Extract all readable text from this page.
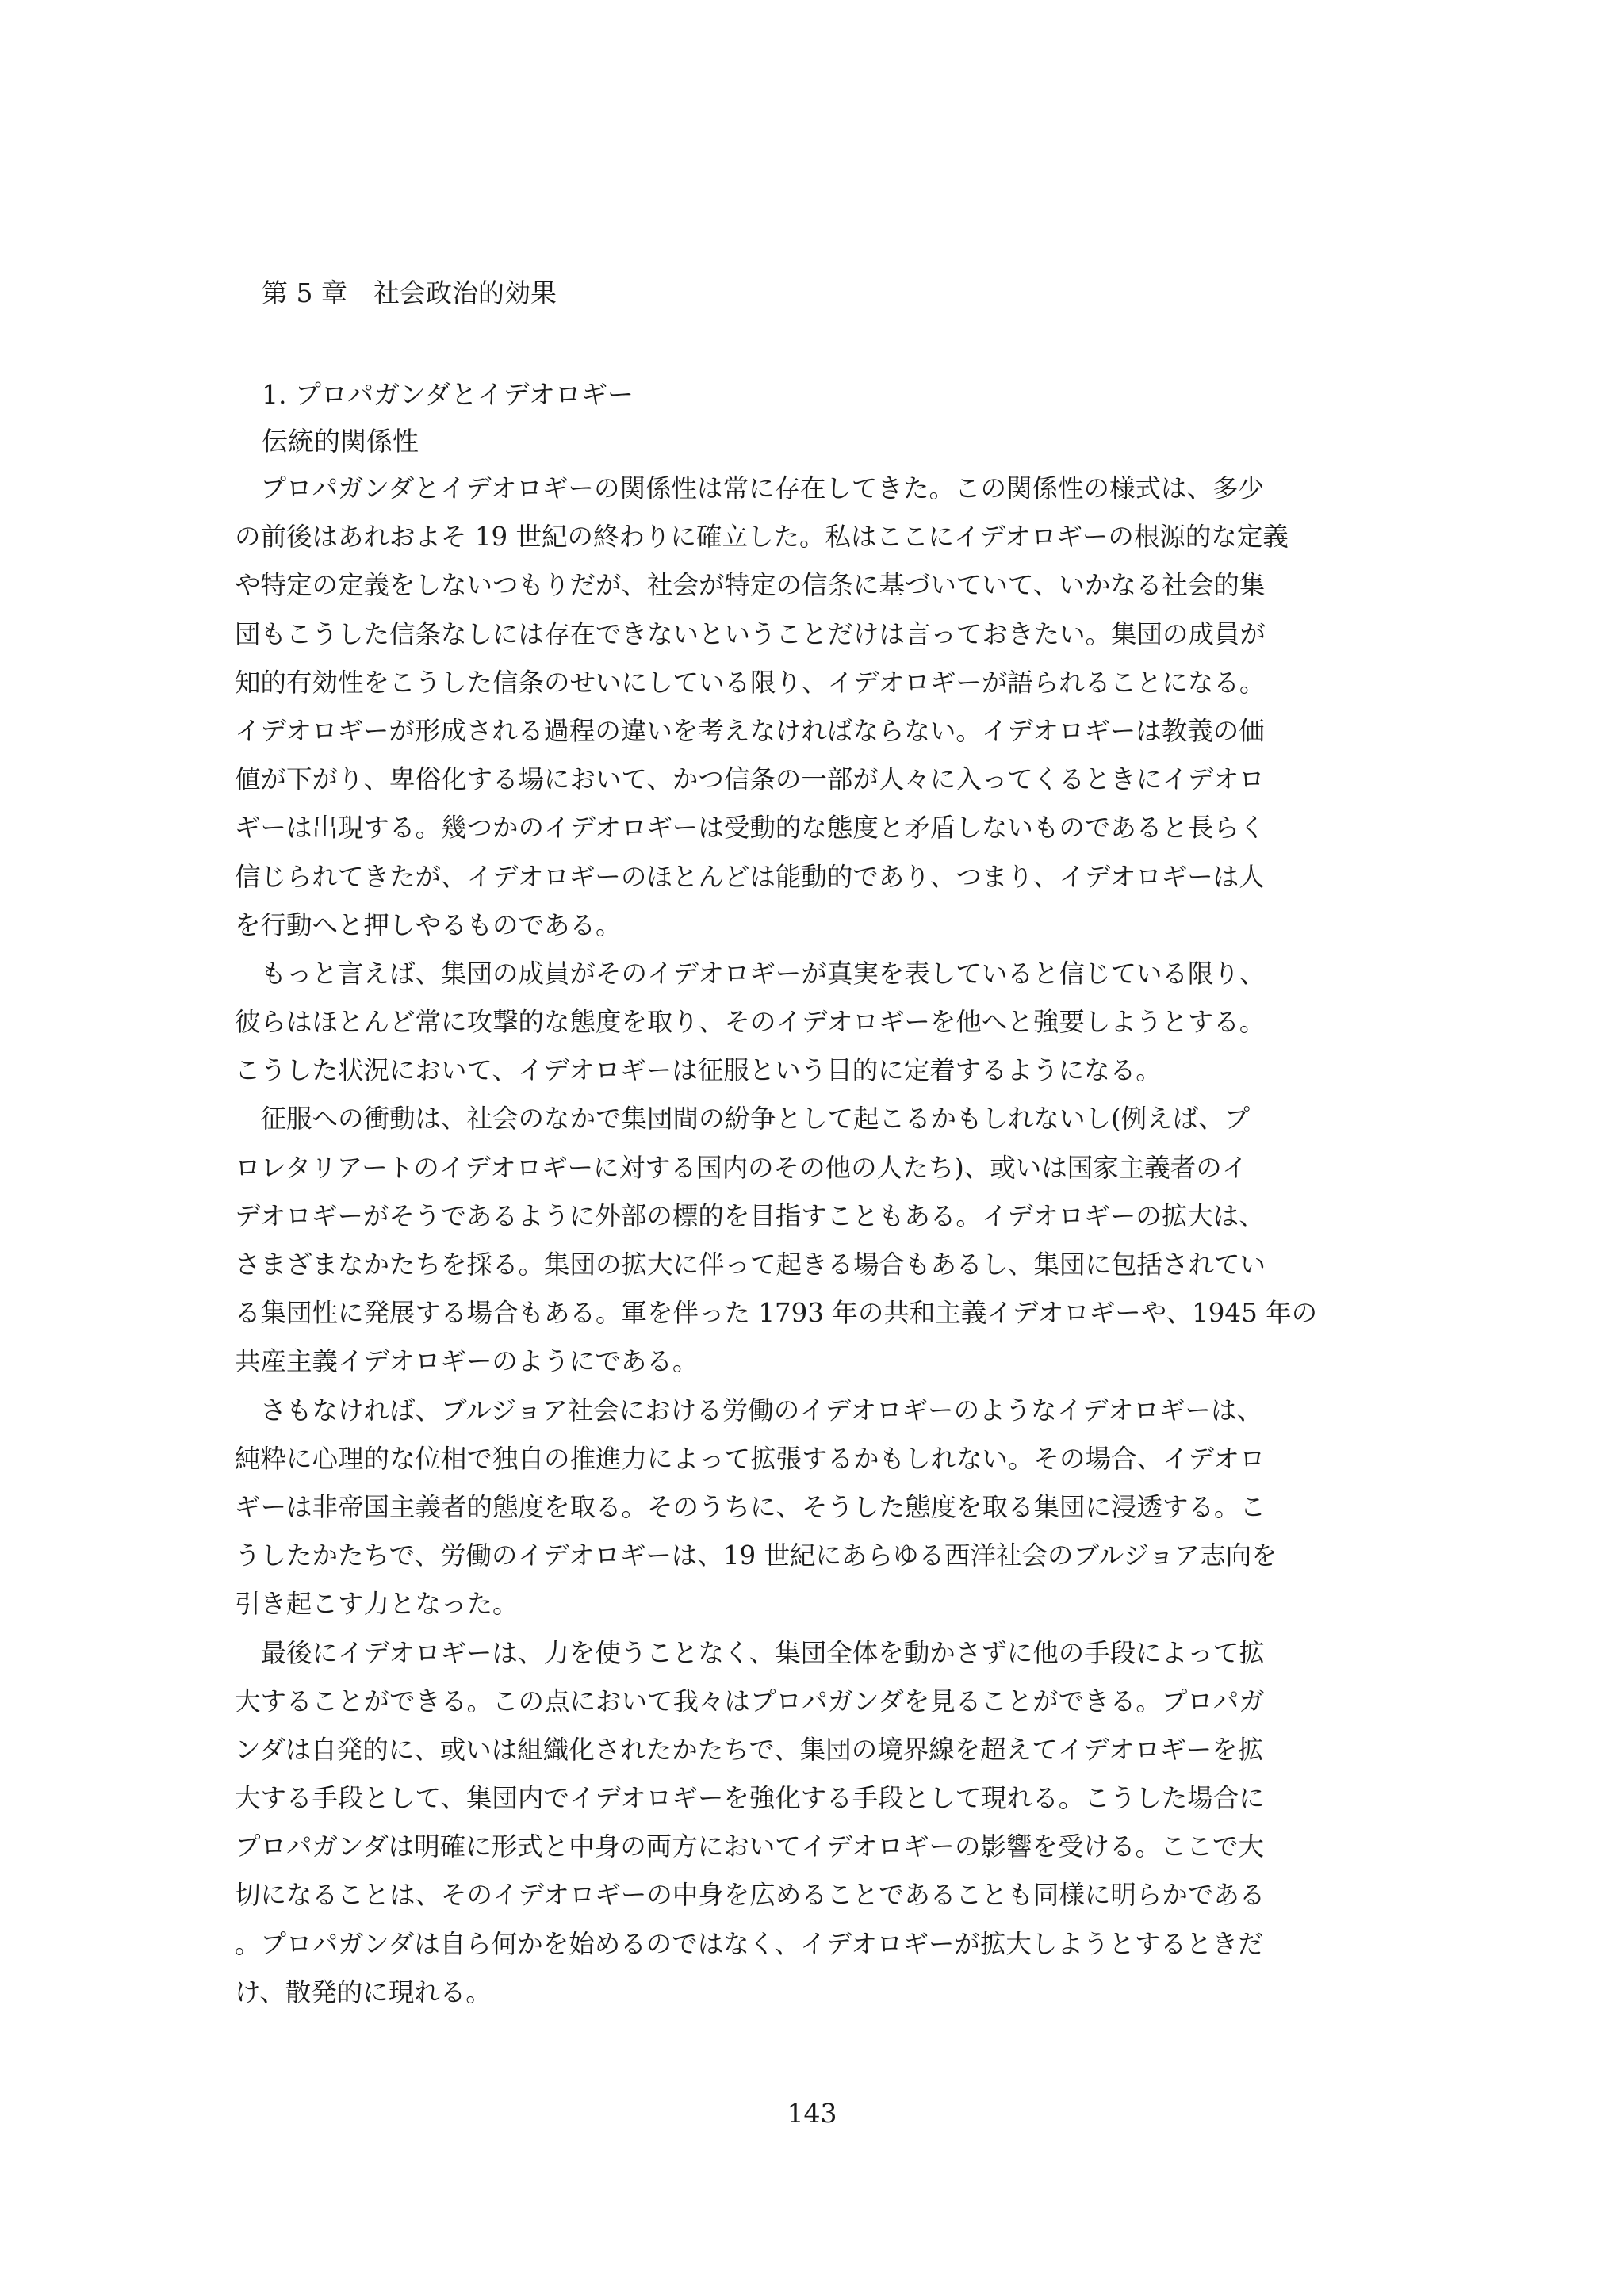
第 5 章　社会政治的効果
1. プロパガンダとイデオロギー
伝統的関係性
　プロパガンダとイデオロギーの関係性は常に存在してきた。この関係性の様式は、多少
の前後はあれおよそ 19 世紀の終わりに確立した。私はここにイデオロギーの根源的な定義
や特定の定義をしないつもりだが、社会が特定の信条に基づいていて、いかなる社会的集
団もこうした信条なしには存在できないということだけは言っておきたい。集団の成員が
知的有効性をこうした信条のせいにしている限り、イデオロギーが語られることになる。
イデオロギーが形成される過程の違いを考えなければならない。イデオロギーは教義の価
値が下がり、卑俗化する場において、かつ信条の一部が人々に入ってくるときにイデオロ
ギーは出現する。幾つかのイデオロギーは受動的な態度と矛盾しないものであると長らく
信じられてきたが、イデオロギーのほとんどは能動的であり、つまり、イデオロギーは人
を行動へと押しやるものである。
　もっと言えば、集団の成員がそのイデオロギーが真実を表していると信じている限り、
彼らはほとんど常に攻撃的な態度を取り、そのイデオロギーを他へと強要しようとする。
こうした状況において、イデオロギーは征服という目的に定着するようになる。
　征服への衝動は、社会のなかで集団間の紛争として起こるかもしれないし(例えば、プ
ロレタリアートのイデオロギーに対する国内のその他の人たち)、或いは国家主義者のイ
デオロギーがそうであるように外部の標的を目指すこともある。イデオロギーの拡大は、
さまざまなかたちを採る。集団の拡大に伴って起きる場合もあるし、集団に包括されてい
る集団性に発展する場合もある。軍を伴った 1793 年の共和主義イデオロギーや、1945 年の
共産主義イデオロギーのようにである。
　さもなければ、ブルジョア社会における労働のイデオロギーのようなイデオロギーは、
純粋に心理的な位相で独自の推進力によって拡張するかもしれない。その場合、イデオロ
ギーは非帝国主義者的態度を取る。そのうちに、そうした態度を取る集団に浸透する。こ
うしたかたちで、労働のイデオロギーは、19 世紀にあらゆる西洋社会のブルジョア志向を
引き起こす力となった。
　最後にイデオロギーは、力を使うことなく、集団全体を動かさずに他の手段によって拡
大することができる。この点において我々はプロパガンダを見ることができる。プロパガ
ンダは自発的に、或いは組織化されたかたちで、集団の境界線を超えてイデオロギーを拡
大する手段として、集団内でイデオロギーを強化する手段として現れる。こうした場合に
プロパガンダは明確に形式と中身の両方においてイデオロギーの影響を受ける。ここで大
切になることは、そのイデオロギーの中身を広めることであることも同様に明らかである
。プロパガンダは自ら何かを始めるのではなく、イデオロギーが拡大しようとするときだ
け、散発的に現れる。
143
